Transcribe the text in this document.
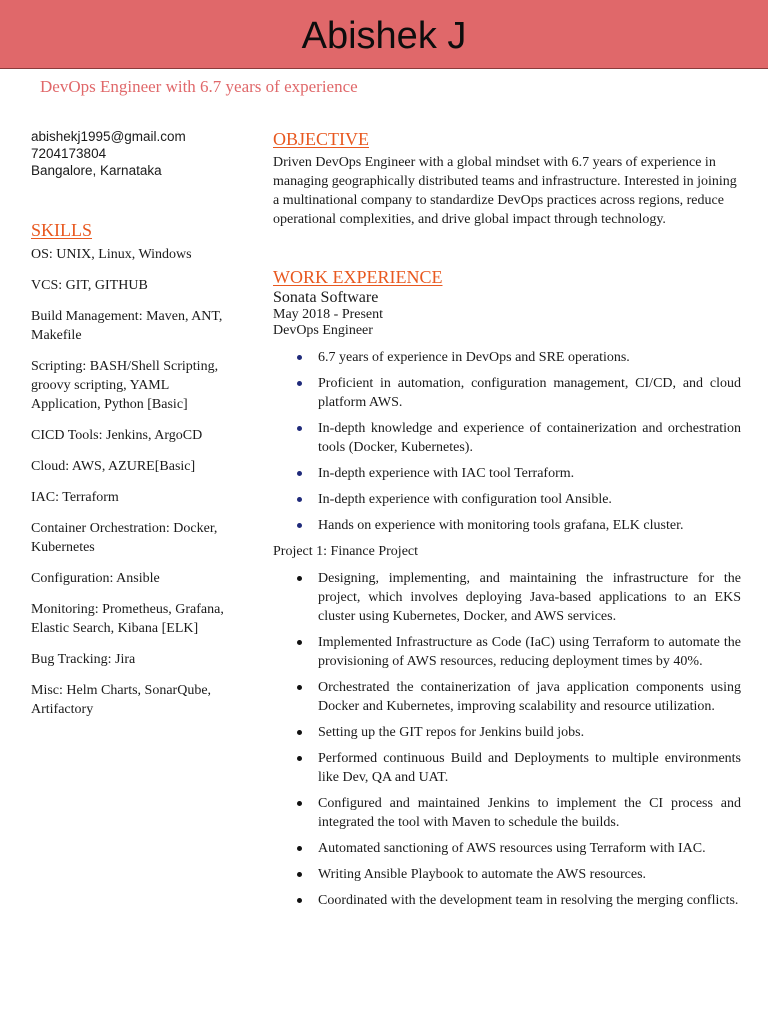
Abishek J
DevOps Engineer with 6.7 years of experience
abishekj1995@gmail.com
7204173804
Bangalore, Karnataka
SKILLS
OS: UNIX, Linux, Windows
VCS: GIT, GITHUB
Build Management: Maven, ANT, Makefile
Scripting: BASH/Shell Scripting, groovy scripting, YAML Application, Python [Basic]
CICD Tools: Jenkins, ArgoCD
Cloud: AWS, AZURE[Basic]
IAC: Terraform
Container Orchestration: Docker, Kubernetes
Configuration: Ansible
Monitoring: Prometheus, Grafana, Elastic Search, Kibana [ELK]
Bug Tracking: Jira
Misc: Helm Charts, SonarQube, Artifactory
OBJECTIVE
Driven DevOps Engineer with a global mindset with 6.7 years of experience in managing geographically distributed teams and infrastructure. Interested in joining a multinational company to standardize DevOps practices across regions, reduce operational complexities, and drive global impact through technology.
WORK EXPERIENCE
Sonata Software
May 2018 - Present
DevOps Engineer
6.7 years of experience in DevOps and SRE operations.
Proficient in automation, configuration management, CI/CD, and cloud platform AWS.
In-depth knowledge and experience of containerization and orchestration tools (Docker, Kubernetes).
In-depth experience with IAC tool Terraform.
In-depth experience with configuration tool Ansible.
Hands on experience with monitoring tools grafana, ELK cluster.
Project 1: Finance Project
Designing, implementing, and maintaining the infrastructure for the project, which involves deploying Java-based applications to an EKS cluster using Kubernetes, Docker, and AWS services.
Implemented Infrastructure as Code (IaC) using Terraform to automate the provisioning of AWS resources, reducing deployment times by 40%.
Orchestrated the containerization of java application components using Docker and Kubernetes, improving scalability and resource utilization.
Setting up the GIT repos for Jenkins build jobs.
Performed continuous Build and Deployments to multiple environments like Dev, QA and UAT.
Configured and maintained Jenkins to implement the CI process and integrated the tool with Maven to schedule the builds.
Automated sanctioning of AWS resources using Terraform with IAC.
Writing Ansible Playbook to automate the AWS resources.
Coordinated with the development team in resolving the merging conflicts.
